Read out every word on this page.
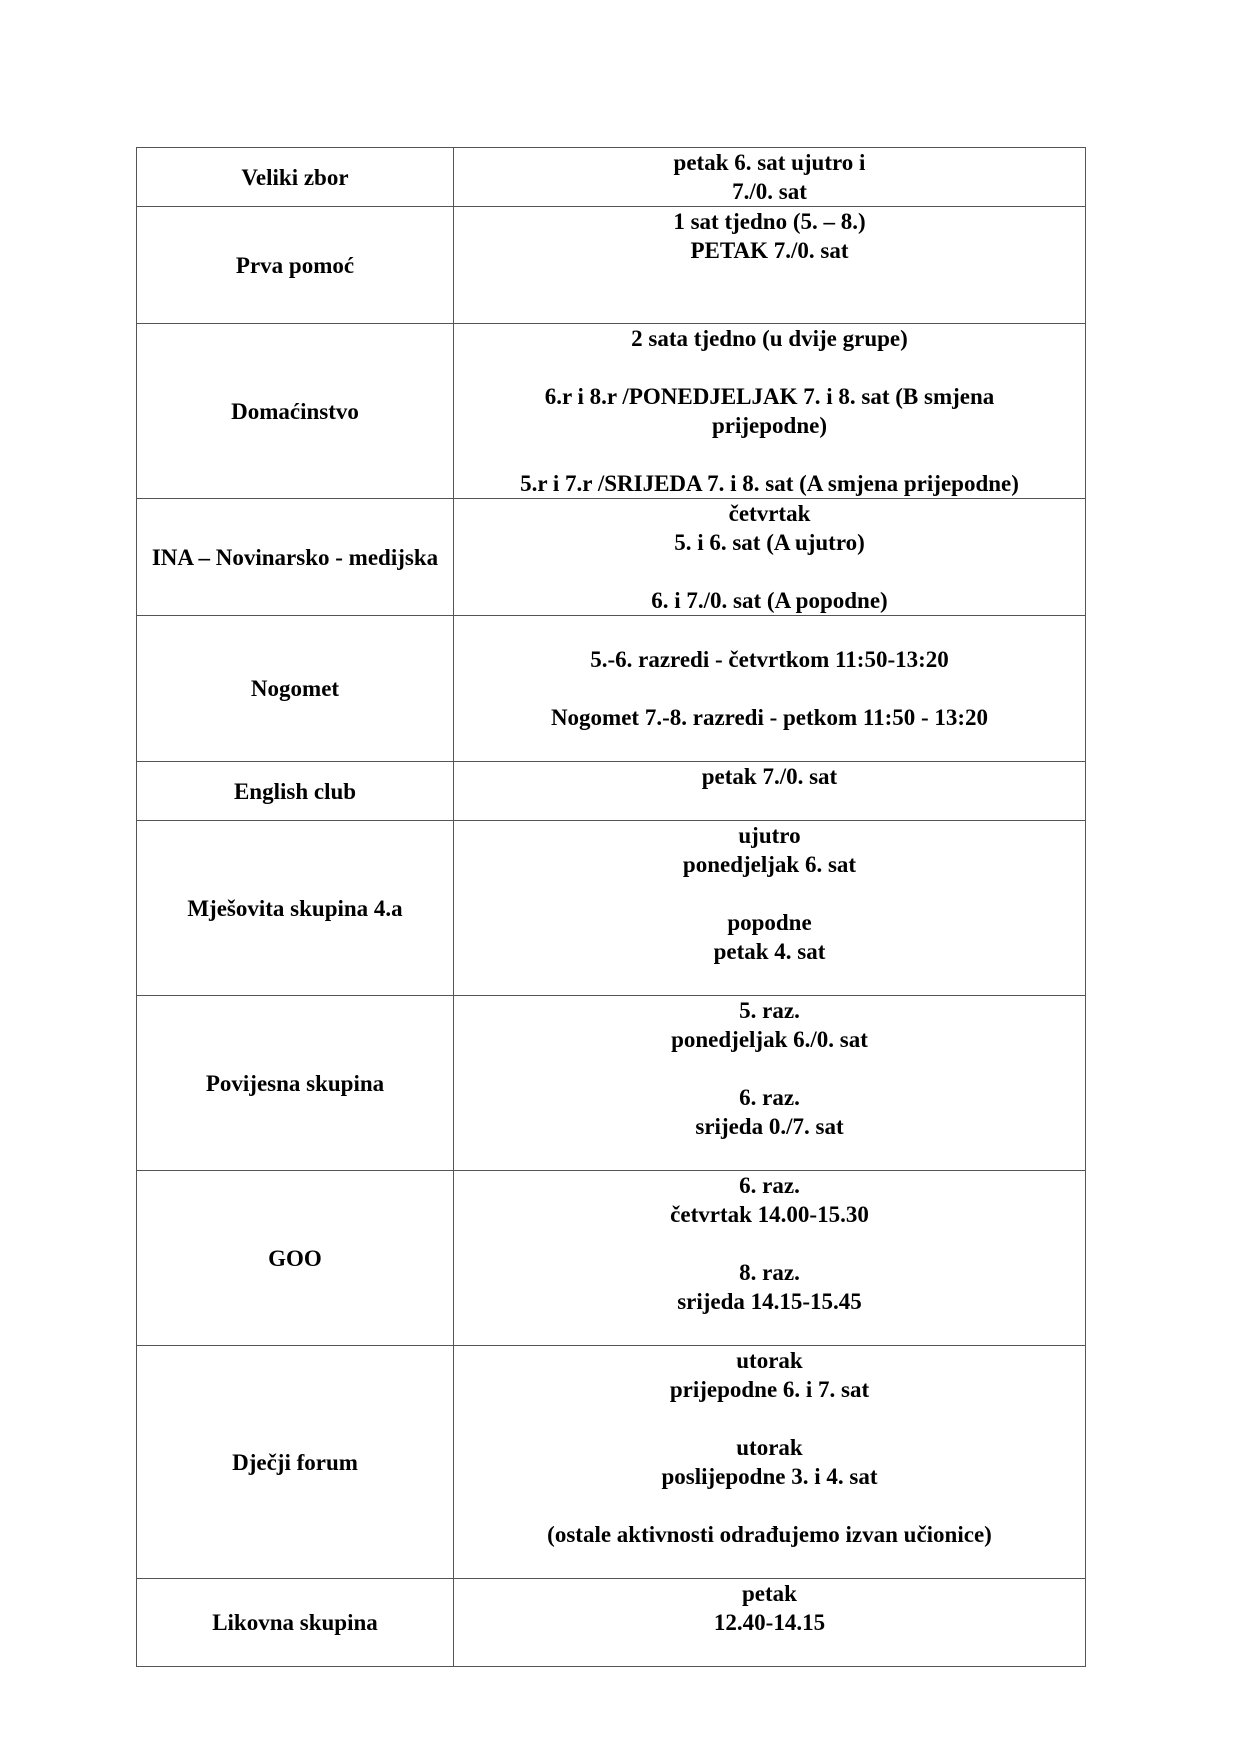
Veliki zbor	petak 6. sat ujutro i
7./0. sat

Prva pomoć	1 sat tjedno (5. – 8.)
PETAK 7./0. sat

Domaćinstvo	2 sata tjedno (u dvije grupe)
6.r i 8.r /PONEDJELJAK 7. i 8. sat (B smjena
prijepodne)
5.r i 7.r /SRIJEDA 7. i 8. sat (A smjena prijepodne)

INA – Novinarsko - medijska	četvrtak
5. i 6. sat (A ujutro)
6. i 7./0. sat (A popodne)

Nogomet	5.-6. razredi - četvrtkom 11:50-13:20
Nogomet 7.-8. razredi - petkom 11:50 - 13:20

English club	petak 7./0. sat

Mješovita skupina 4.a	ujutro
ponedjeljak 6. sat
popodne
petak 4. sat

Povijesna skupina	5. raz.
ponedjeljak 6./0. sat
6. raz.
srijeda 0./7. sat

GOO	6. raz.
četvrtak 14.00-15.30
8. raz.
srijeda 14.15-15.45

Dječji forum	utorak
prijepodne 6. i 7. sat
utorak
poslijepodne 3. i 4. sat
(ostale aktivnosti odrađujemo izvan učionice)

Likovna skupina	petak
12.40-14.15
